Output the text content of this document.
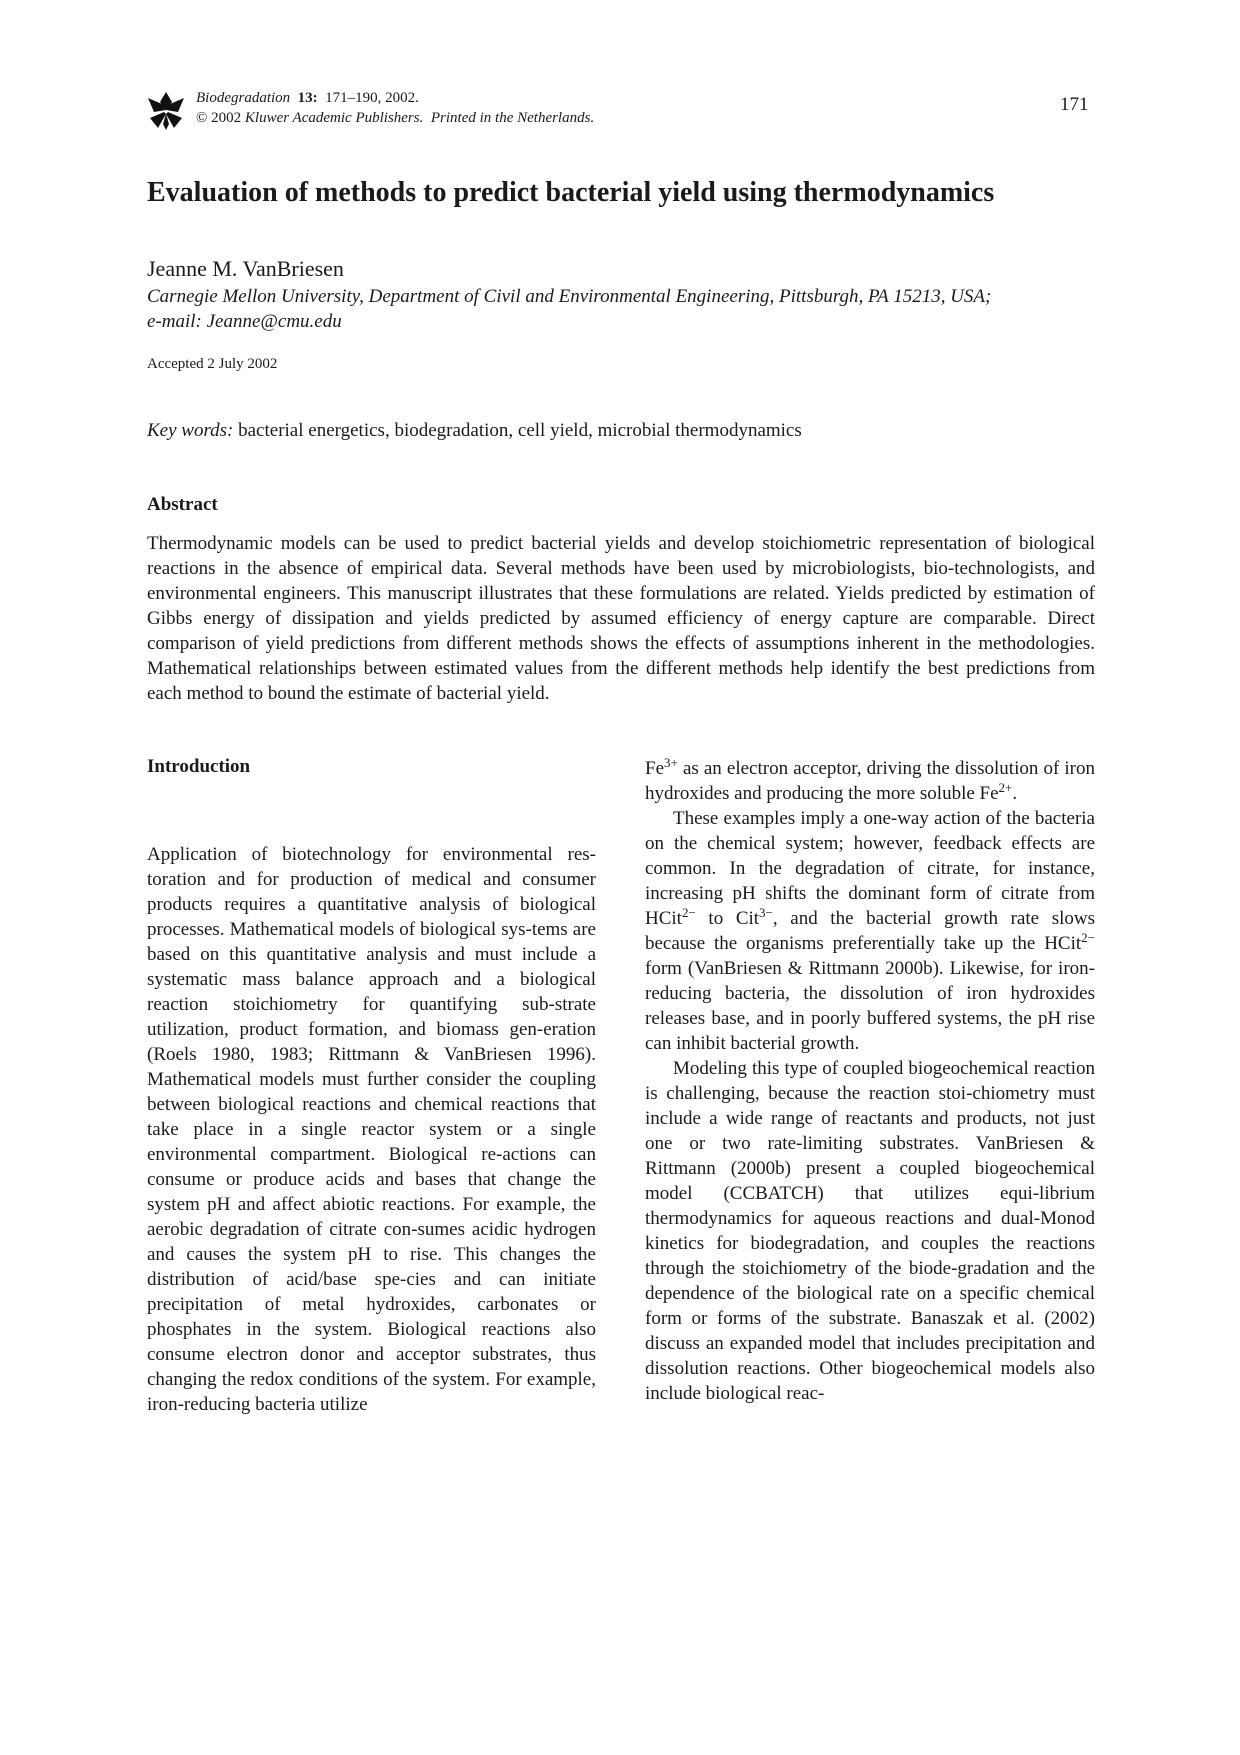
Biodegradation 13: 171–190, 2002.
© 2002 Kluwer Academic Publishers. Printed in the Netherlands.
171
Evaluation of methods to predict bacterial yield using thermodynamics
Jeanne M. VanBriesen
Carnegie Mellon University, Department of Civil and Environmental Engineering, Pittsburgh, PA 15213, USA;
e-mail: Jeanne@cmu.edu
Accepted 2 July 2002
Key words: bacterial energetics, biodegradation, cell yield, microbial thermodynamics
Abstract

Thermodynamic models can be used to predict bacterial yields and develop stoichiometric representation of biological reactions in the absence of empirical data. Several methods have been used by microbiologists, bio-technologists, and environmental engineers. This manuscript illustrates that these formulations are related. Yields predicted by estimation of Gibbs energy of dissipation and yields predicted by assumed efficiency of energy capture are comparable. Direct comparison of yield predictions from different methods shows the effects of assumptions inherent in the methodologies. Mathematical relationships between estimated values from the different methods help identify the best predictions from each method to bound the estimate of bacterial yield.

Introduction

Application of biotechnology for environmental res-toration and for production of medical and consumer products requires a quantitative analysis of biological processes. Mathematical models of biological sys-tems are based on this quantitative analysis and must include a systematic mass balance approach and a biological reaction stoichiometry for quantifying sub-strate utilization, product formation, and biomass gen-eration (Roels 1980, 1983; Rittmann & VanBriesen 1996). Mathematical models must further consider the coupling between biological reactions and chemical reactions that take place in a single reactor system or a single environmental compartment. Biological re-actions can consume or produce acids and bases that change the system pH and affect abiotic reactions. For example, the aerobic degradation of citrate con-sumes acidic hydrogen and causes the system pH to rise. This changes the distribution of acid/base spe-cies and can initiate precipitation of metal hydroxides, carbonates or phosphates in the system. Biological reactions also consume electron donor and acceptor substrates, thus changing the redox conditions of the system. For example, iron-reducing bacteria utilize

$Fe^{3+}$ as an electron acceptor, driving the dissolution of iron hydroxides and producing the more soluble $Fe^{2+}$.

These examples imply a one-way action of the bacteria on the chemical system; however, feedback effects are common. In the degradation of citrate, for instance, increasing pH shifts the dominant form of citrate from HCit$^{2-}$ to Cit$^{3-}$, and the bacterial growth rate slows because the organisms preferentially take up the HCit$^{2-}$ form (VanBriesen & Rittmann 2000b). Likewise, for iron-reducing bacteria, the dissolution of iron hydroxides releases base, and in poorly buffered systems, the pH rise can inhibit bacterial growth.

Modeling this type of coupled biogeochemical reaction is challenging, because the reaction stoi-chiometry must include a wide range of reactants and products, not just one or two rate-limiting substrates. VanBriesen & Rittmann (2000b) present a coupled biogeochemical model (CCBATCH) that utilizes equi-librium thermodynamics for aqueous reactions and dual-Monod kinetics for biodegradation, and couples the reactions through the stoichiometry of the biode-gradation and the dependence of the biological rate on a specific chemical form or forms of the substrate. Banaszak et al. (2002) discuss an expanded model that includes precipitation and dissolution reactions. Other biogeochemical models also include biological reac-
